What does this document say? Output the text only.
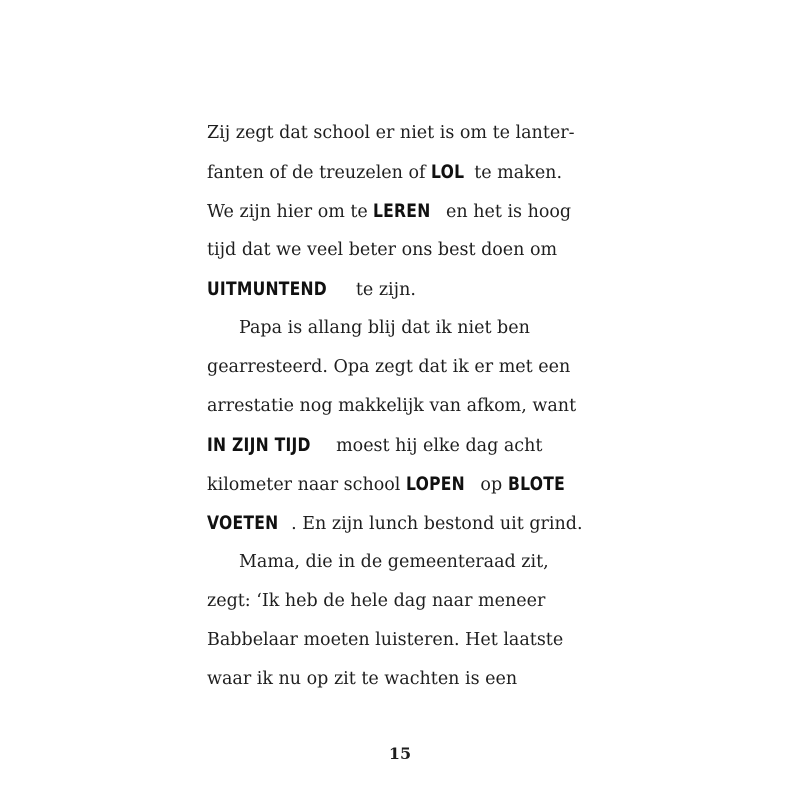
Zij zegt dat school er niet is om te lanter-
fanten of de treuzelen of LOL te maken.
We zijn hier om te LEREN en het is hoog
tijd dat we veel beter ons best doen om
UITMUNTEND te zijn.
Papa is allang blij dat ik niet ben
gearresteerd. Opa zegt dat ik er met een
arrestatie nog makkelijk van afkom, want
IN ZIJN TIJD moest hij elke dag acht
kilometer naar school LOPEN op BLOTE
VOETEN . En zijn lunch bestond uit grind.
Mama, die in de gemeenteraad zit,
zegt: ‘Ik heb de hele dag naar meneer
Babbelaar moeten luisteren. Het laatste
waar ik nu op zit te wachten is een
15
